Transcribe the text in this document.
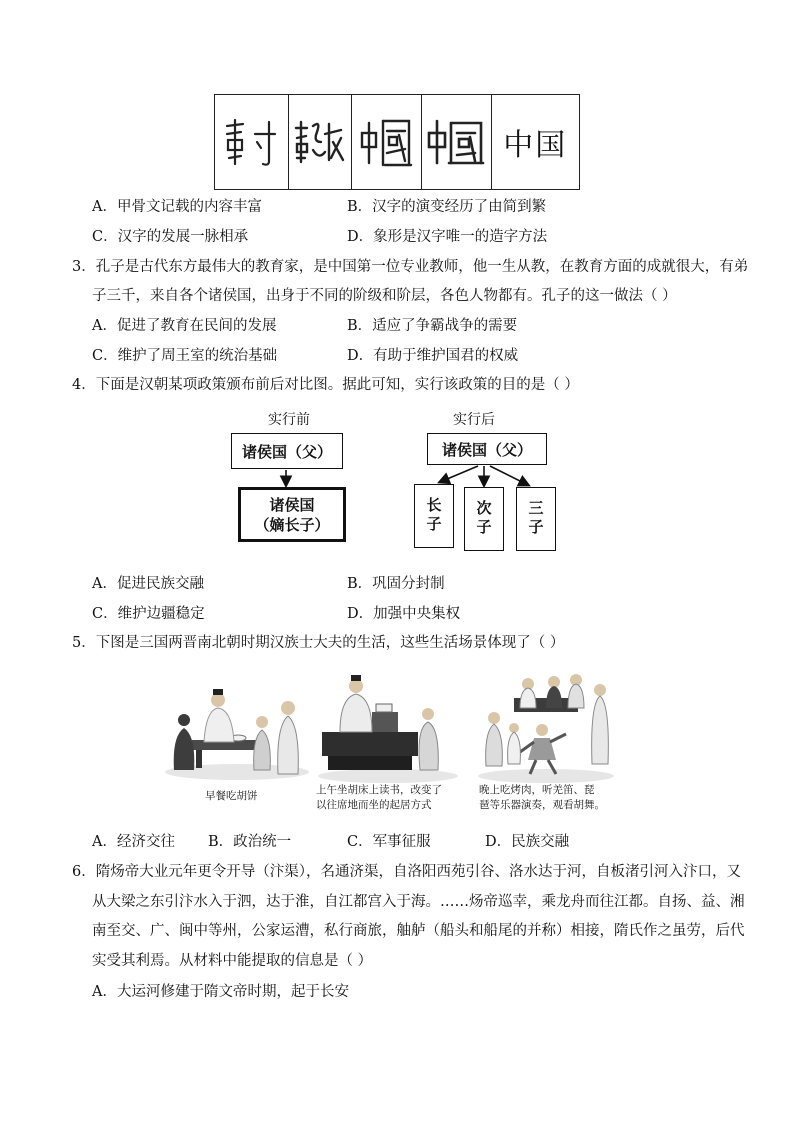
中国
A．甲骨文记载的内容丰富	B．汉字的演变经历了由简到繁
C．汉字的发展一脉相承	D．象形是汉字唯一的造字方法
3．孔子是古代东方最伟大的教育家，是中国第一位专业教师，他一生从教，在教育方面的成就很大，有弟
子三千，来自各个诸侯国，出身于不同的阶级和阶层，各色人物都有。孔子的这一做法（ ）
A．促进了教育在民间的发展	B．适应了争霸战争的需要
C．维护了周王室的统治基础	D．有助于维护国君的权威
4．下面是汉朝某项政策颁布前后对比图。据此可知，实行该政策的目的是（ ）
实行前	实行后
诸侯国（父）
诸侯国
（嫡长子）
诸侯国（父）
长子	次子	三子
A．促进民族交融	B．巩固分封制
C．维护边疆稳定	D．加强中央集权
5．下图是三国两晋南北朝时期汉族士大夫的生活，这些生活场景体现了（ ）
早餐吃胡饼	上午坐胡床上读书，改变了
以往席地而坐的起居方式
晚上吃烤肉，听羌笛、琵
琶等乐器演奏，观看胡舞。
A．经济交往 B．政治统一	C．军事征服	D．民族交融
6．隋炀帝大业元年更令开导（汴渠），名通济渠，自洛阳西苑引谷、洛水达于河，自板渚引河入汴口，又
从大梁之东引汴水入于泗，达于淮，自江都宫入于海。……炀帝巡幸，乘龙舟而往江都。自扬、益、湘
南至交、广、闽中等州，公家运漕，私行商旅，舳舻（船头和船尾的并称）相接，隋氏作之虽劳，后代
实受其利焉。从材料中能提取的信息是（ ）
A．大运河修建于隋文帝时期，起于长安
